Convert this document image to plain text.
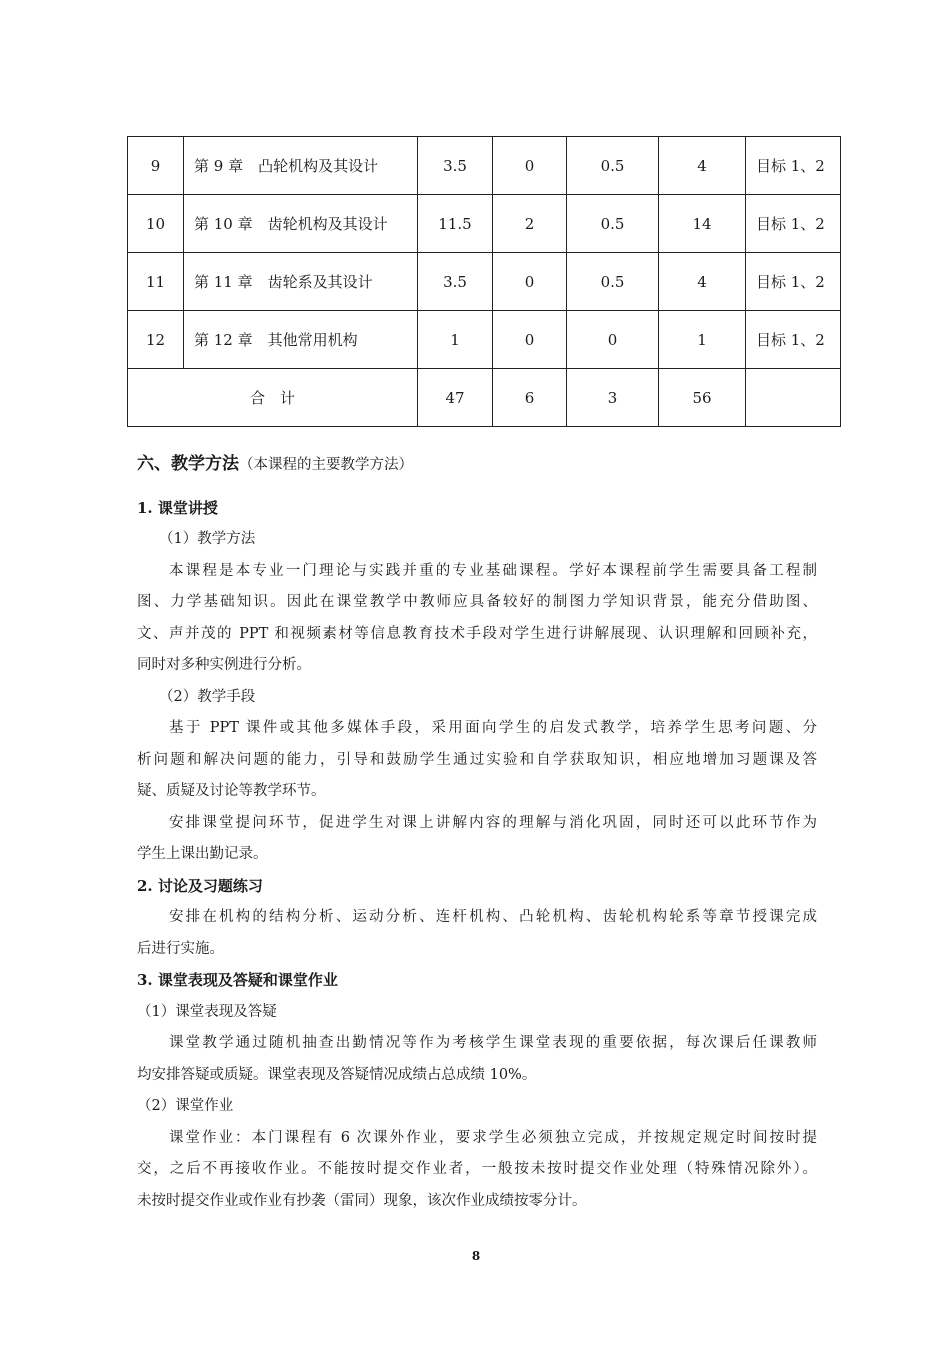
9	第 9 章　凸轮机构及其设计	3.5	0	0.5	4	目标 1、2
10	第 10 章　齿轮机构及其设计	11.5	2	0.5	14	目标 1、2
11	第 11 章　齿轮系及其设计	3.5	0	0.5	4	目标 1、2
12	第 12 章　其他常用机构	1	0	0	1	目标 1、2
合　计		47	6	3	56	
六、教学方法（本课程的主要教学方法）
1. 课堂讲授
（1）教学方法
本课程是本专业一门理论与实践并重的专业基础课程。学好本课程前学生需要具备工程制
图、力学基础知识。因此在课堂教学中教师应具备较好的制图力学知识背景，能充分借助图、
文、声并茂的 PPT 和视频素材等信息教育技术手段对学生进行讲解展现、认识理解和回顾补充，
同时对多种实例进行分析。
（2）教学手段
基于 PPT 课件或其他多媒体手段，采用面向学生的启发式教学，培养学生思考问题、分
析问题和解决问题的能力，引导和鼓励学生通过实验和自学获取知识，相应地增加习题课及答
疑、质疑及讨论等教学环节。
安排课堂提问环节，促进学生对课上讲解内容的理解与消化巩固，同时还可以此环节作为
学生上课出勤记录。
2. 讨论及习题练习
安排在机构的结构分析、运动分析、连杆机构、凸轮机构、齿轮机构轮系等章节授课完成
后进行实施。
3. 课堂表现及答疑和课堂作业
（1）课堂表现及答疑
课堂教学通过随机抽查出勤情况等作为考核学生课堂表现的重要依据，每次课后任课教师
均安排答疑或质疑。课堂表现及答疑情况成绩占总成绩 10%。
（2）课堂作业
课堂作业：本门课程有 6 次课外作业，要求学生必须独立完成，并按规定规定时间按时提
交，之后不再接收作业。不能按时提交作业者，一般按未按时提交作业处理（特殊情况除外）。
未按时提交作业或作业有抄袭（雷同）现象，该次作业成绩按零分计。
8
